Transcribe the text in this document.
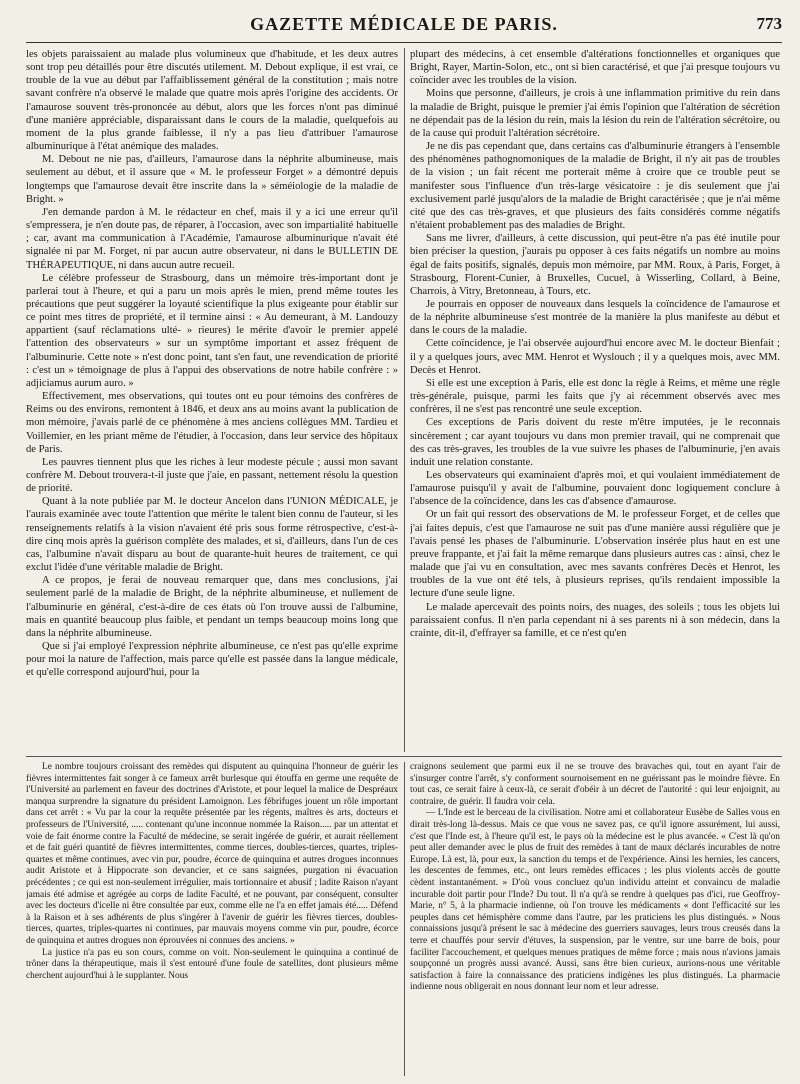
GAZETTE MÉDICALE DE PARIS.	773

les objets paraissaient au malade plus volumineux que d'habitude, et les deux autres sont trop peu détaillés pour être discutés utilement. M. Debout explique, il est vrai, ce trouble de la vue au début par l'affaiblissement général de la constitution ; mais notre savant confrère n'a observé le malade que quatre mois après l'origine des accidents. Or l'amaurose souvent très-prononcée au début, alors que les forces n'ont pas diminué d'une manière appréciable, disparaissant dans le cours de la maladie, quelquefois au moment de la plus grande faiblesse, il n'y a pas lieu d'attribuer l'amaurose albuminurique à l'état anémique des malades.

M. Debout ne nie pas, d'ailleurs, l'amaurose dans la néphrite albumineuse, mais seulement au début, et il assure que « M. le professeur Forget » a démontré depuis longtemps que l'amaurose devait être inscrite dans la » séméiologie de la maladie de Bright. »

J'en demande pardon à M. le rédacteur en chef, mais il y a ici une erreur qu'il s'empressera, je n'en doute pas, de réparer, à l'occasion, avec son impartialité habituelle ; car, avant ma communication à l'Académie, l'amaurose albuminurique n'avait été signalée ni par M. Forget, ni par aucun autre observateur, ni dans le BULLETIN DE THÉRAPEUTIQUE, ni dans aucun autre recueil.

Le célèbre professeur de Strasbourg, dans un mémoire très-important dont je parlerai tout à l'heure, et qui a paru un mois après le mien, prend même toutes les précautions que peut suggérer la loyauté scientifique la plus exigeante pour établir sur ce point mes titres de propriété, et il termine ainsi : « Au demeurant, à M. Landouzy appartient (sauf réclamations ulté- » rieures) le mérite d'avoir le premier appelé l'attention des observateurs » sur un symptôme important et assez fréquent de l'albuminurie. Cette note » n'est donc point, tant s'en faut, une revendication de priorité : c'est un » témoignage de plus à l'appui des observations de notre habile confrère : » adjiciamus aurum auro. »

Effectivement, mes observations, qui toutes ont eu pour témoins des confrères de Reims ou des environs, remontent à 1846, et deux ans au moins avant la publication de mon mémoire, j'avais parlé de ce phénomène à mes anciens collègues MM. Tardieu et Voillemier, en les priant même de l'étudier, à l'occasion, dans leur service des hôpitaux de Paris.

Les pauvres tiennent plus que les riches à leur modeste pécule ; aussi mon savant confrère M. Debout trouvera-t-il juste que j'aie, en passant, nettement résolu la question de priorité.

Quant à la note publiée par M. le docteur Ancelon dans l'UNION MÉDICALE, je l'aurais examinée avec toute l'attention que mérite le talent bien connu de l'auteur, si les renseignements relatifs à la vision n'avaient été pris sous forme rétrospective, c'est-à-dire cinq mois après la guérison complète des malades, et si, d'ailleurs, dans l'un de ces cas, l'albumine n'avait disparu au bout de quarante-huit heures de traitement, ce qui exclut l'idée d'une véritable maladie de Bright.

A ce propos, je ferai de nouveau remarquer que, dans mes conclusions, j'ai seulement parlé de la maladie de Bright, de la néphrite albumineuse, et nullement de l'albuminurie en général, c'est-à-dire de ces états où l'on trouve aussi de l'albumine, mais en quantité beaucoup plus faible, et pendant un temps beaucoup moins long que dans la néphrite albumineuse.

Que si j'ai employé l'expression néphrite albumineuse, ce n'est pas qu'elle exprime pour moi la nature de l'affection, mais parce qu'elle est passée dans la langue médicale, et qu'elle correspond aujourd'hui, pour la

plupart des médecins, à cet ensemble d'altérations fonctionnelles et organiques que Bright, Rayer, Martin-Solon, etc., ont si bien caractérisé, et que j'ai presque toujours vu coïncider avec les troubles de la vision.

Moins que personne, d'ailleurs, je crois à une inflammation primitive du rein dans la maladie de Bright, puisque le premier j'ai émis l'opinion que l'altération de sécrétion ne dépendait pas de la lésion du rein, mais la lésion du rein de l'altération sécrétoire, ou de la cause qui produit l'altération sécrétoire.

Je ne dis pas cependant que, dans certains cas d'albuminurie étrangers à l'ensemble des phénomènes pathognomoniques de la maladie de Bright, il n'y ait pas de troubles de la vision ; un fait récent me porterait même à croire que ce trouble peut se manifester sous l'influence d'un très-large vésicatoire : je dis seulement que j'ai exclusivement parlé jusqu'alors de la maladie de Bright caractérisée ; que je n'ai même cité que des cas très-graves, et que plusieurs des faits considérés comme négatifs n'étaient probablement pas des maladies de Bright.

Sans me livrer, d'ailleurs, à cette discussion, qui peut-être n'a pas été inutile pour bien préciser la question, j'aurais pu opposer à ces faits négatifs un nombre au moins égal de faits positifs, signalés, depuis mon mémoire, par MM. Roux, à Paris, Forget, à Strasbourg, Florent-Cunier, à Bruxelles, Cucuel, à Wisserling, Collard, à Beine, Charrois, à Vitry, Bretonneau, à Tours, etc.

Je pourrais en opposer de nouveaux dans lesquels la coïncidence de l'amaurose et de la néphrite albumineuse s'est montrée de la manière la plus manifeste au début et dans le cours de la maladie.

Cette coïncidence, je l'ai observée aujourd'hui encore avec M. le docteur Bienfait ; il y a quelques jours, avec MM. Henrot et Wyslouch ; il y a quelques mois, avec MM. Decès et Henrot.

Si elle est une exception à Paris, elle est donc la règle à Reims, et même une règle très-générale, puisque, parmi les faits que j'y ai récemment observés avec mes confrères, il ne s'est pas rencontré une seule exception.

Ces exceptions de Paris doivent du reste m'être imputées, je le reconnais sincèrement ; car ayant toujours vu dans mon premier travail, qui ne comprenait que des cas très-graves, les troubles de la vue suivre les phases de l'albuminurie, j'en avais induit une relation constante.

Les observateurs qui examinaient d'après moi, et qui voulaient immédiatement de l'amaurose puisqu'il y avait de l'albumine, pouvaient donc logiquement conclure à l'absence de la coïncidence, dans les cas d'absence d'amaurose.

Or un fait qui ressort des observations de M. le professeur Forget, et de celles que j'ai faites depuis, c'est que l'amaurose ne suit pas d'une manière aussi régulière que je l'avais pensé les phases de l'albuminurie. L'observation insérée plus haut en est une preuve frappante, et j'ai fait la même remarque dans plusieurs autres cas : ainsi, chez le malade que j'ai vu en consultation, avec mes savants confrères Decès et Henrot, les troubles de la vue ont été tels, à plusieurs reprises, qu'ils rendaient impossible la lecture d'une seule ligne.

Le malade apercevait des points noirs, des nuages, des soleils ; tous les objets lui paraissaient confus. Il n'en parla cependant ni à ses parents ni à son médecin, dans la crainte, dit-il, d'effrayer sa famille, et ce n'est qu'en

Le nombre toujours croissant des remèdes qui disputent au quinquina l'honneur de guérir les fièvres intermittentes fait songer à ce fameux arrêt burlesque qui étouffa en germe une requête de l'Université au parlement en faveur des doctrines d'Aristote, et pour lequel la malice de Despréaux manqua surprendre la signature du président Lamoignon. Les fébrifuges jouent un rôle important dans cet arrêt : « Vu par la cour la requête présentée par les régents, maîtres ès arts, docteurs et professeurs de l'Université, ..... contenant qu'une inconnue nommée la Raison..... par un attentat et voie de fait énorme contre la Faculté de médecine, se serait ingérée de guérir, et aurait réellement et de fait guéri quantité de fièvres intermittentes, comme tierces, doubles-tierces, quartes, triples-quartes et même continues, avec vin pur, poudre, écorce de quinquina et autres drogues inconnues audit Aristote et à Hippocrate son devancier, et ce sans saignées, purgation ni évacuation précédentes ; ce qui est non-seulement irrégulier, mais tortionnaire et abusif ; ladite Raison n'ayant jamais été admise et agrégée au corps de ladite Faculté, et ne pouvant, par conséquent, consulter avec les docteurs d'icelle ni être consultée par eux, comme elle ne l'a en effet jamais été..... Défend à la Raison et à ses adhérents de plus s'ingérer à l'avenir de guérir les fièvres tierces, doubles-tierces, quartes, triples-quartes ni continues, par mauvais moyens comme vin pur, poudre, écorce de quinquina et autres drogues non éprouvées ni connues des anciens. »

La justice n'a pas eu son cours, comme on voit. Non-seulement le quinquina a continué de trôner dans la thérapeutique, mais il s'est entouré d'une foule de satellites, dont plusieurs même cherchent aujourd'hui à le supplanter. Nous

craignons seulement que parmi eux il ne se trouve des bravaches qui, tout en ayant l'air de s'insurger contre l'arrêt, s'y conforment sournoisement en ne guérissant pas le moindre fièvre. En tout cas, ce serait faire à ceux-là, ce serait d'obéir à un décret de l'autorité : qui leur enjoignit, au contraire, de guérir. Il faudra voir cela.

— L'Inde est le berceau de la civilisation. Notre ami et collaborateur Eusèbe de Salles vous en dirait très-long là-dessus. Mais ce que vous ne savez pas, ce qu'il ignore assurément, lui aussi, c'est que l'Inde est, à l'heure qu'il est, le pays où la médecine est le plus avancée. « C'est là qu'on peut aller demander avec le plus de fruit des remèdes à tant de maux déclarés incurables de notre Europe. Là est, là, pour eux, la sanction du temps et de l'expérience. Ainsi les hernies, les cancers, les descentes de femmes, etc., ont leurs remèdes efficaces ; les plus violents accès de goutte cèdent instantanément. » D'où vous concluez qu'un individu atteint et convaincu de maladie incurable doit partir pour l'Inde? Du tout. Il n'a qu'à se rendre à quelques pas d'ici, rue Geoffroy-Marie, n° 5, à la pharmacie indienne, où l'on trouve les médicaments « dont l'efficacité sur les peuples dans cet hémisphère comme dans l'autre, par les praticiens les plus distingués. » Nous connaissions jusqu'à présent le sac à médecine des guerriers sauvages, leurs trous creusés dans la terre et chauffés pour servir d'étuves, la suspension, par le ventre, sur une barre de bois, pour faciliter l'accouchement, et quelques menues pratiques de même force ; mais nous n'avions jamais soupçonné un progrès aussi avancé. Aussi, sans être bien curieux, aurions-nous une véritable satisfaction à faire la connaissance des praticiens indigènes les plus distingués. La pharmacie indienne nous obligerait en nous donnant leur nom et leur adresse.
